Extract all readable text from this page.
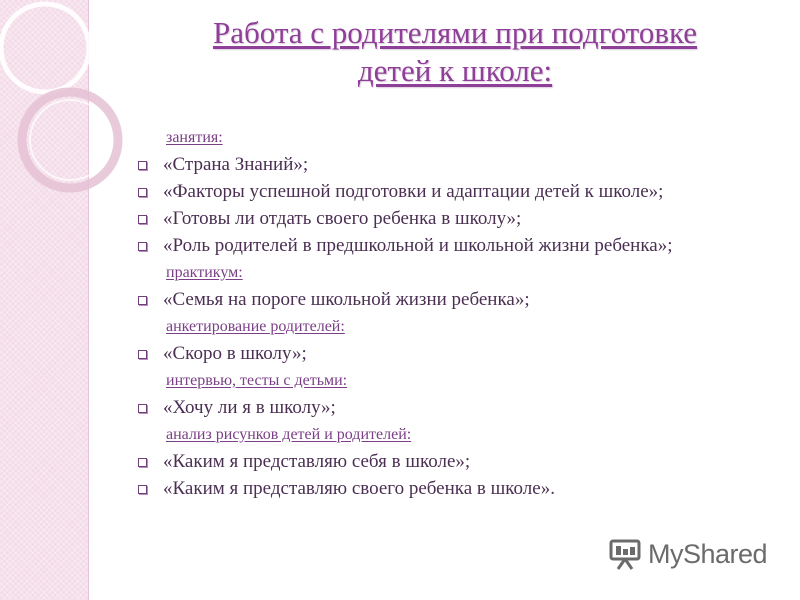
Работа с родителями при подготовке
детей к школе:
занятия:
«Страна Знаний»;
«Факторы успешной подготовки и адаптации детей к школе»;
«Готовы ли отдать своего ребенка в школу»;
«Роль родителей в предшкольной и школьной жизни ребенка»;
практикум:
«Семья на пороге школьной жизни ребенка»;
анкетирование родителей:
«Скоро в школу»;
интервью, тесты с детьми:
«Хочу ли я в школу»;
анализ рисунков детей и родителей:
«Каким я представляю себя в школе»;
«Каким я представляю своего ребенка в школе».
MyShared
